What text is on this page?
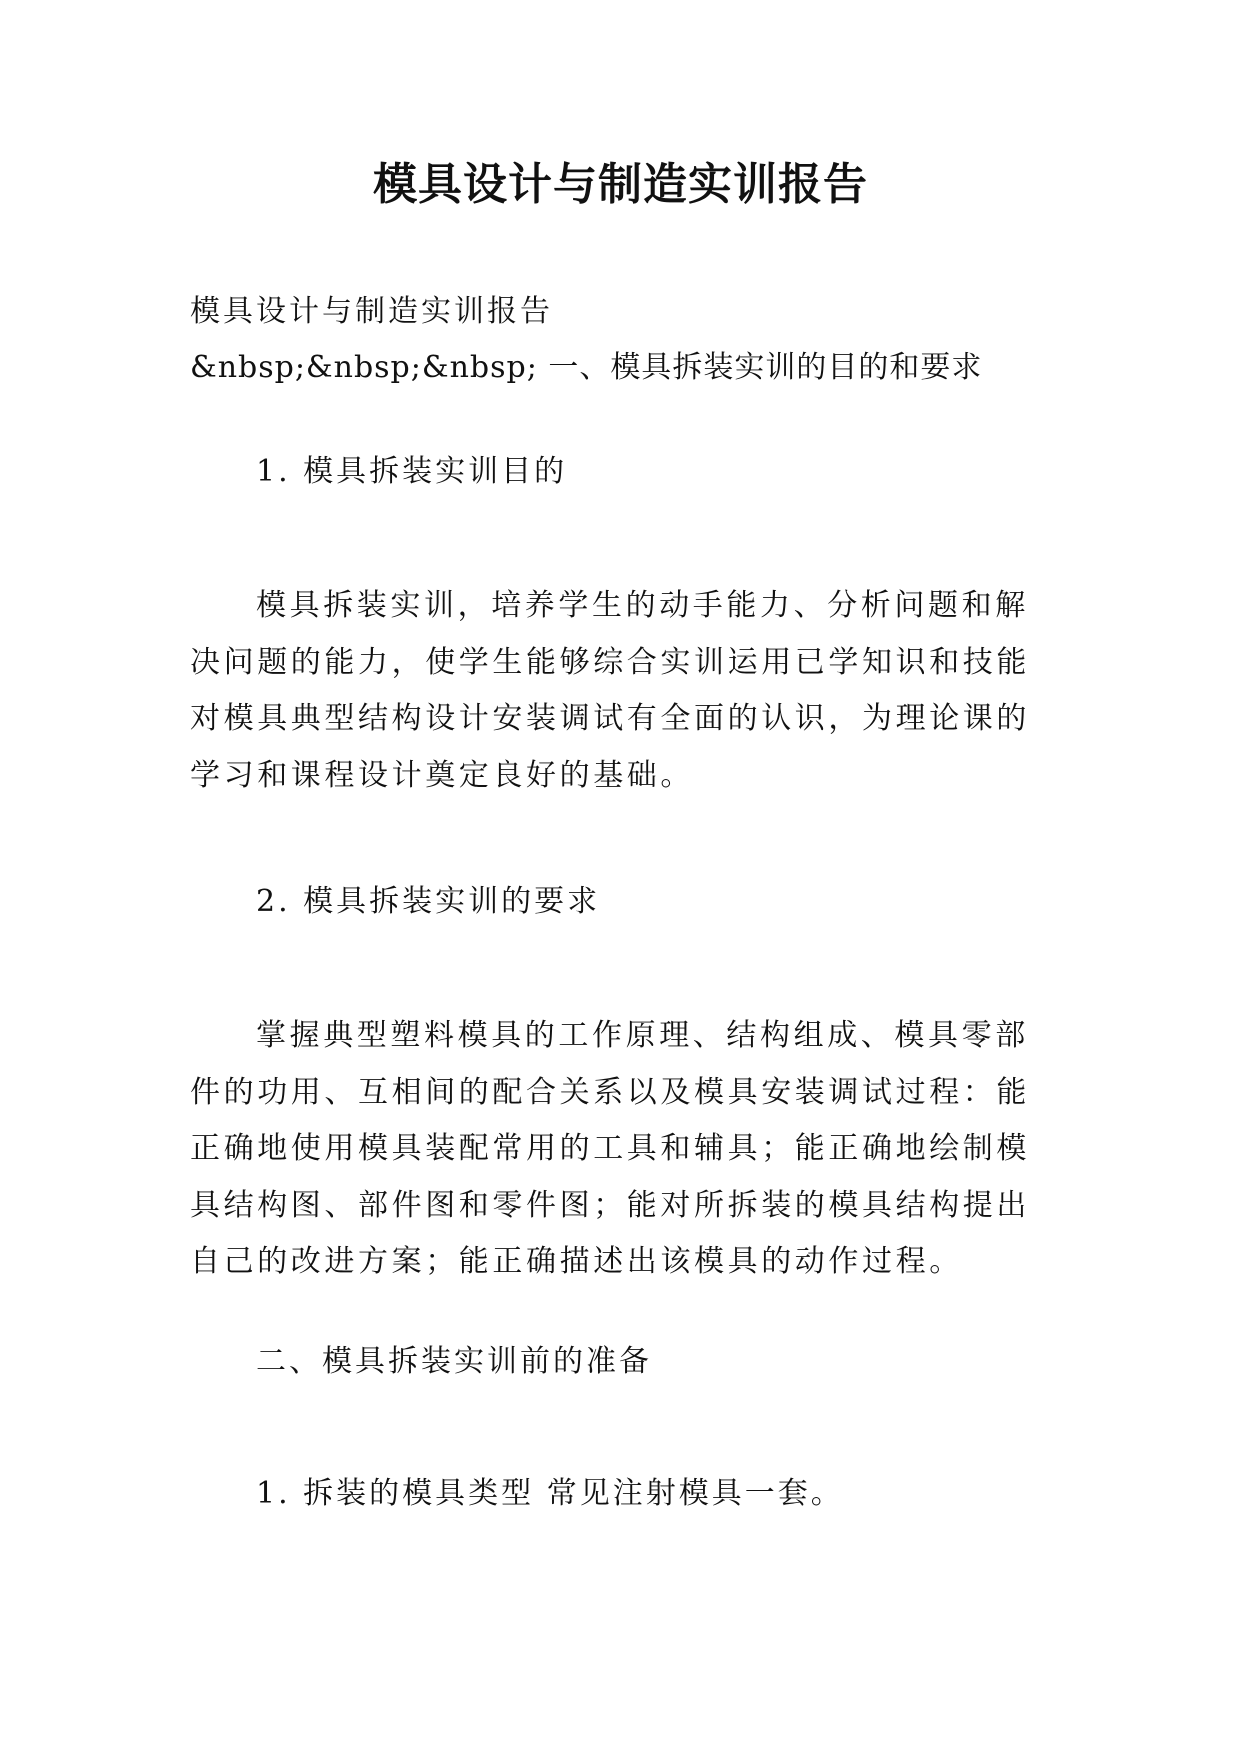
模具设计与制造实训报告
模具设计与制造实训报告
&nbsp;&nbsp;&nbsp; 一、模具拆装实训的目的和要求
1. 模具拆装实训目的
模具拆装实训，培养学生的动手能力、分析问题和解决问题的能力，使学生能够综合实训运用已学知识和技能对模具典型结构设计安装调试有全面的认识，为理论课的学习和课程设计奠定良好的基础。
2. 模具拆装实训的要求
掌握典型塑料模具的工作原理、结构组成、模具零部件的功用、互相间的配合关系以及模具安装调试过程：能正确地使用模具装配常用的工具和辅具；能正确地绘制模具结构图、部件图和零件图；能对所拆装的模具结构提出自己的改进方案；能正确描述出该模具的动作过程。
二、模具拆装实训前的准备
1. 拆装的模具类型 常见注射模具一套。
